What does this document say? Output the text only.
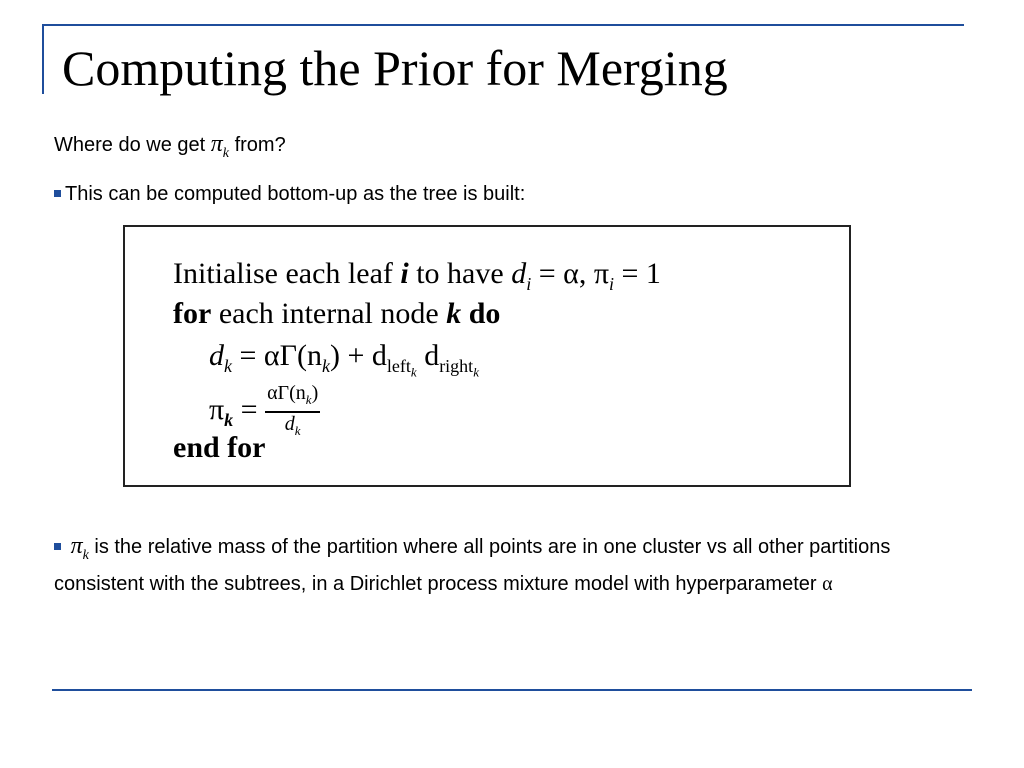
Computing the Prior for Merging
Where do we get $\pi_k$ from?
This can be computed bottom-up as the tree is built:
Initialise each leaf i to have $d_i = \alpha$, $\pi_i = 1$
for each internal node k do
$d_k = \alpha\Gamma(n_k) + d_{left_k}$ $d_{right_k}$
$\pi_k = \frac{\alpha\Gamma(n_k)}{d_k}$
end for
$\pi_k$ is the relative mass of the partition where all points are in one cluster vs all other partitions consistent with the subtrees, in a Dirichlet process mixture model with hyperparameter α
